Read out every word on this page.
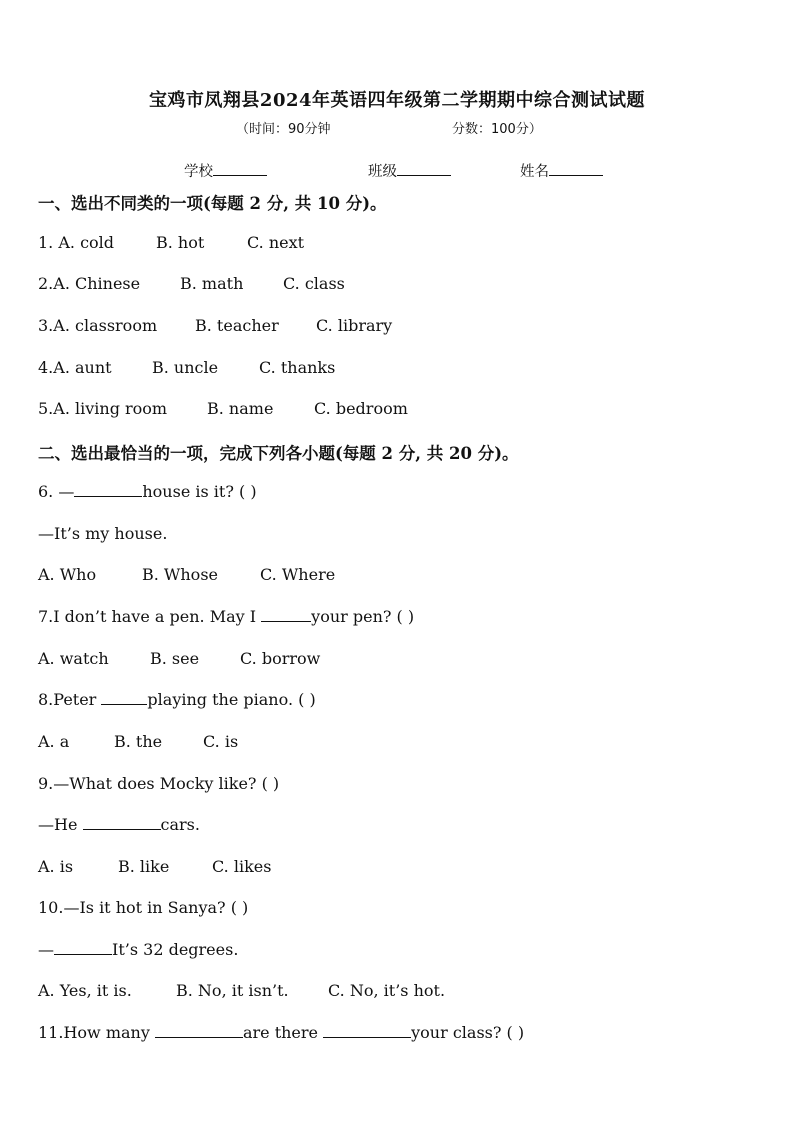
宝鸡市凤翔县2024年英语四年级第二学期期中综合测试试题
（时间：90分钟	分数：100分）
学校	班级	姓名
一、选出不同类的一项(每题 2 分, 共 10 分)。
1. A. cold	B. hot	C. next
2.A. Chinese B. math C. class
3.A. classroom B. teacher C. library
4.A. aunt	B. uncle	C. thanks
5.A. living room B. name	C. bedroom
二、选出最恰当的一项，完成下列各小题(每题 2 分, 共 20 分)。
6. —	house is it? ( )
—It’s my house.
A. Who	B. Whose	C. Where
7.I don’t have a pen. May I	your pen? ( )
A. watch	B. see	C. borrow
8.Peter	playing the piano. ( )
A. a	B. the	C. is
9.—What does Mocky like? ( )
—He	cars.
A. is	B. like	C. likes
10.—Is it hot in Sanya? ( )
—	It’s 32 degrees.
A. Yes, it is.	B. No, it isn’t. C. No, it’s hot.
11.How many	are there	your class? ( )
